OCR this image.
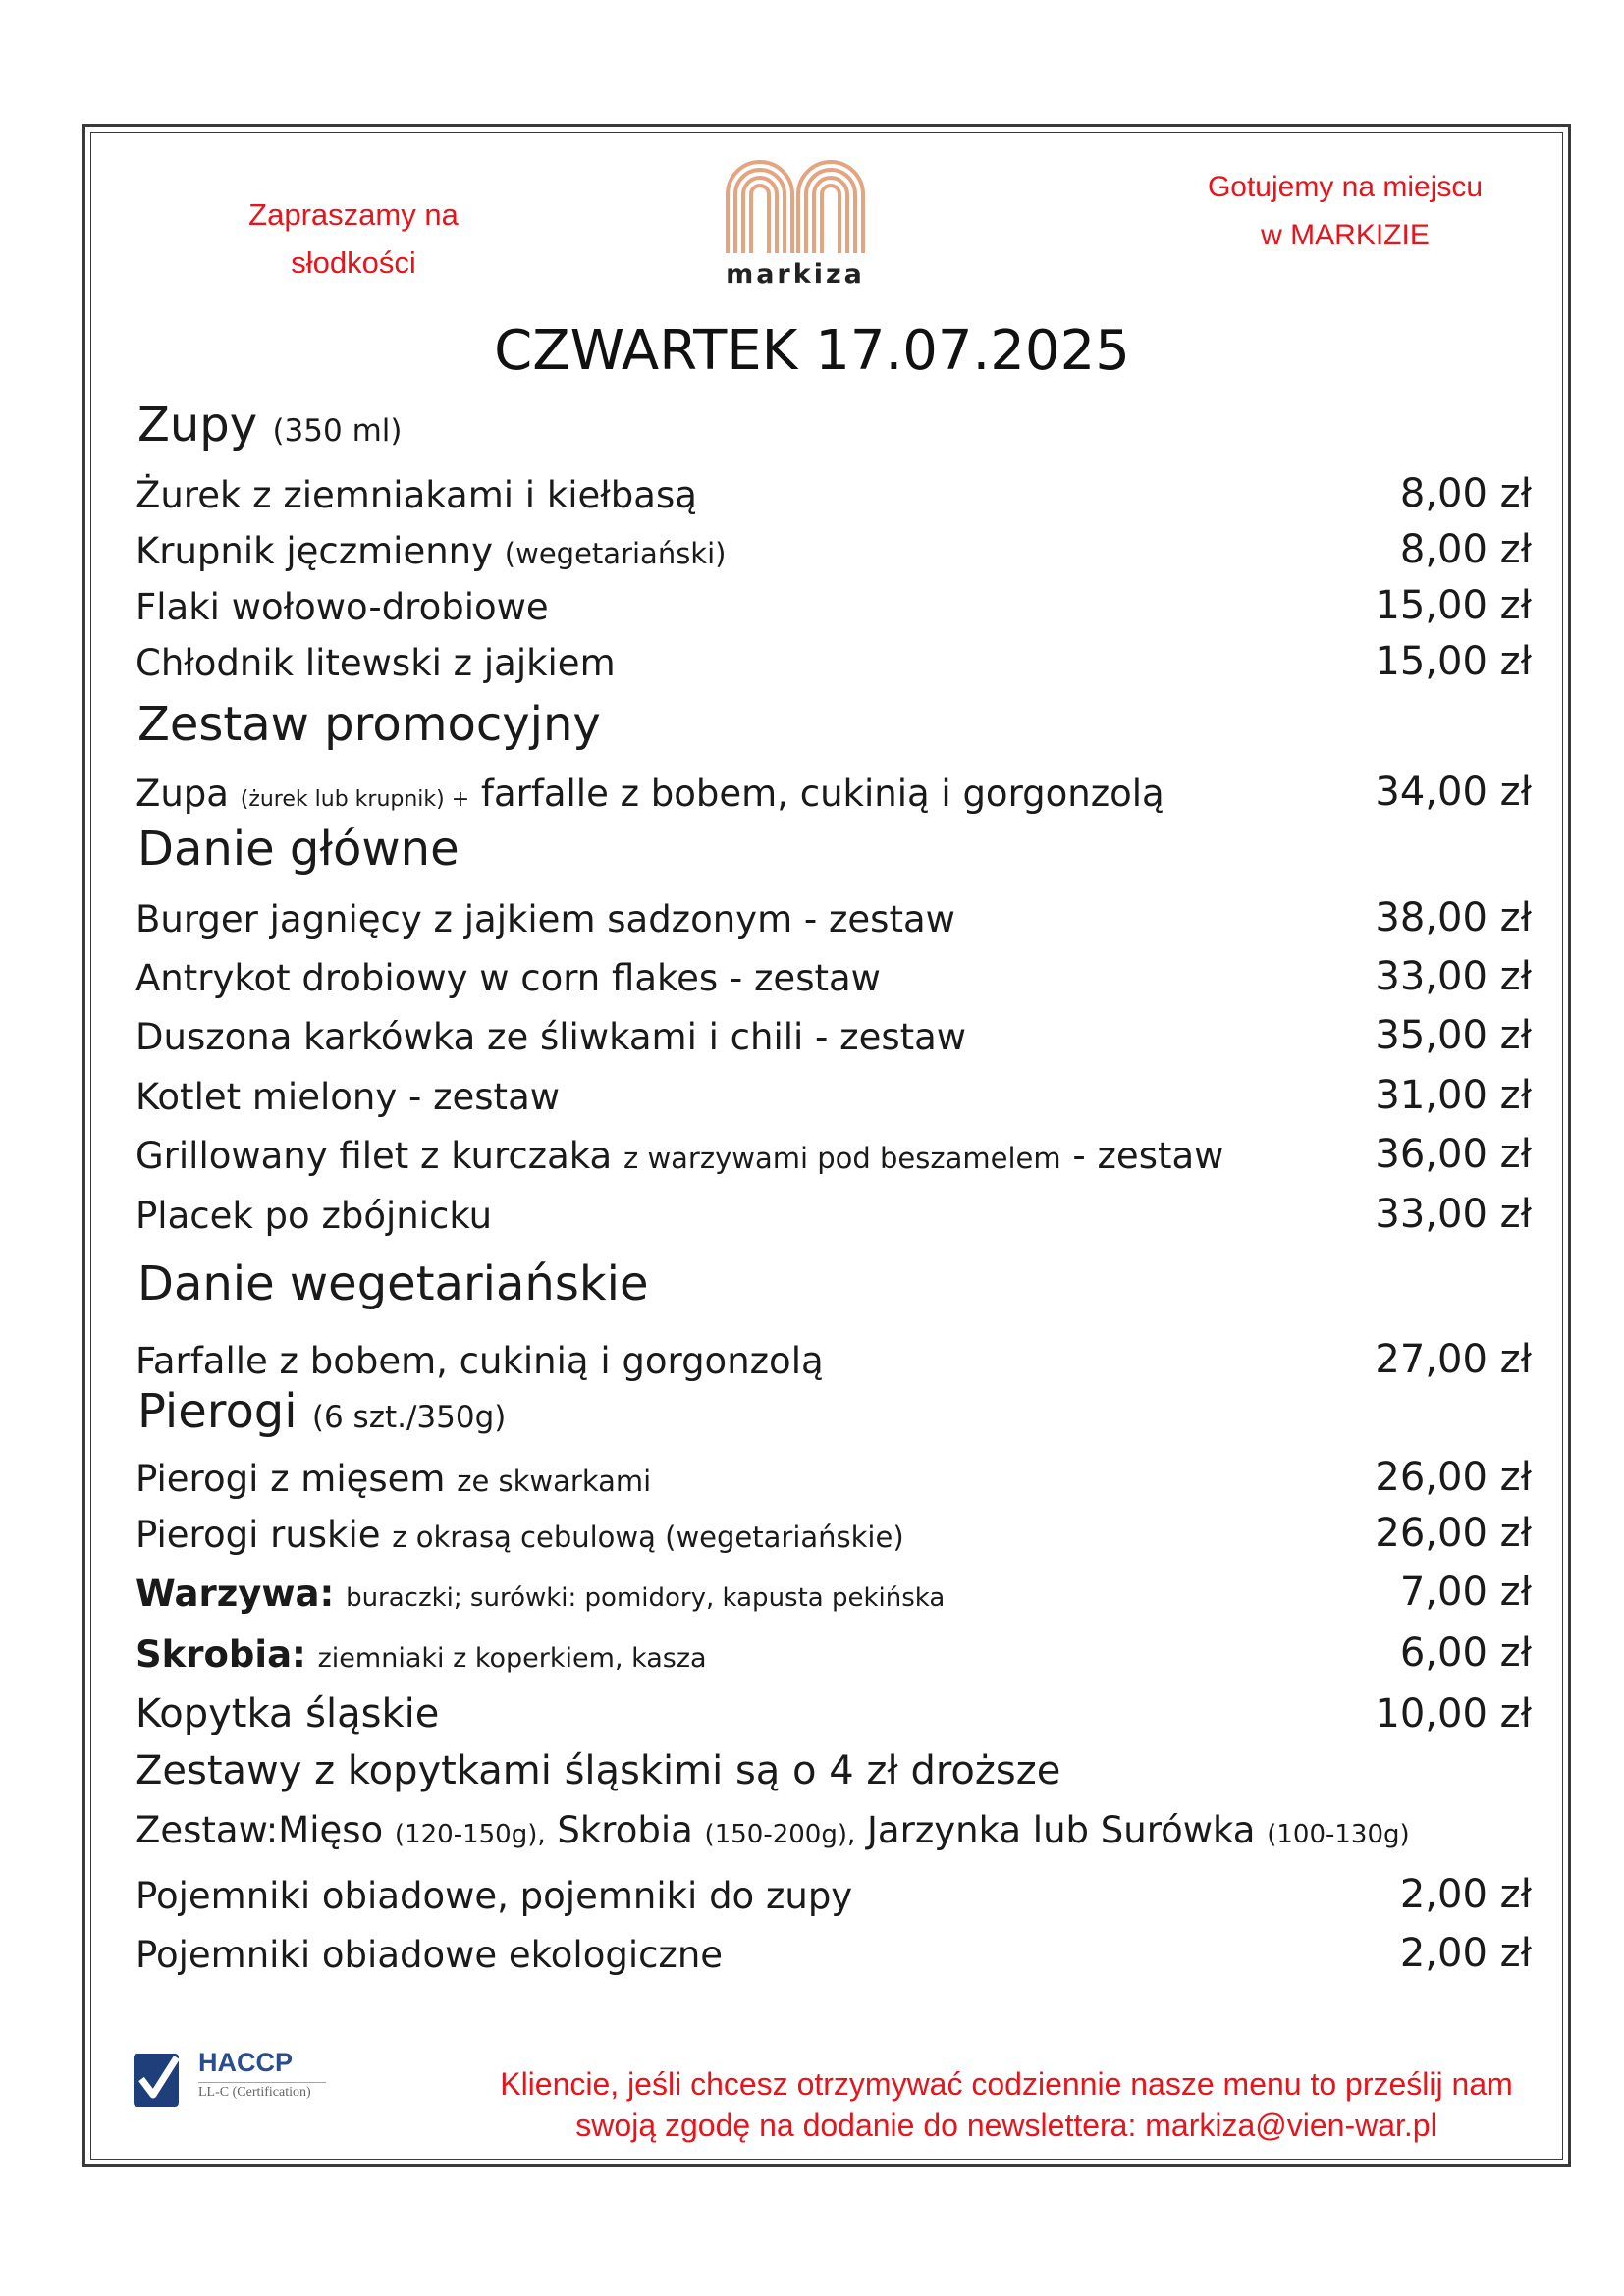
Zapraszamy na
słodkości	markiza
Gotujemy na miejscu
w MARKIZIE
CZWARTEK 17.07.2025
Zupy (350 ml)
Żurek z ziemniakami i kiełbasą	8,00 zł
Krupnik jęczmienny (wegetariański)	8,00 zł
Flaki wołowo-drobiowe	15,00 zł
Chłodnik litewski z jajkiem	15,00 zł
Zestaw promocyjny
Zupa (żurek lub krupnik) + farfalle z bobem, cukinią i gorgonzolą	34,00 zł
Danie główne
Burger jagnięcy z jajkiem sadzonym - zestaw	38,00 zł
Antrykot drobiowy w corn flakes - zestaw	33,00 zł
Duszona karkówka ze śliwkami i chili - zestaw	35,00 zł
Kotlet mielony - zestaw	31,00 zł
Grillowany filet z kurczaka z warzywami pod beszamelem - zestaw	36,00 zł
Placek po zbójnicku	33,00 zł
Danie wegetariańskie
Farfalle z bobem, cukinią i gorgonzolą	27,00 zł
Pierogi (6 szt./350g)
Pierogi z mięsem ze skwarkami	26,00 zł
Pierogi ruskie z okrasą cebulową (wegetariańskie)	26,00 zł
Warzywa: buraczki; surówki: pomidory, kapusta pekińska	7,00 zł
Skrobia: ziemniaki z koperkiem, kasza	6,00 zł
Kopytka śląskie	10,00 zł
Zestawy z kopytkami śląskimi są o 4 zł droższe
Zestaw:Mięso (120-150g), Skrobia (150-200g), Jarzynka lub Surówka (100-130g)
Pojemniki obiadowe, pojemniki do zupy	2,00 zł
Pojemniki obiadowe ekologiczne	2,00 zł
HACCP
LL-C (Certification)	Kliencie, jeśli chcesz otrzymywać codziennie nasze menu to prześlij nam
swoją zgodę na dodanie do newslettera: markiza@vien-war.pl
